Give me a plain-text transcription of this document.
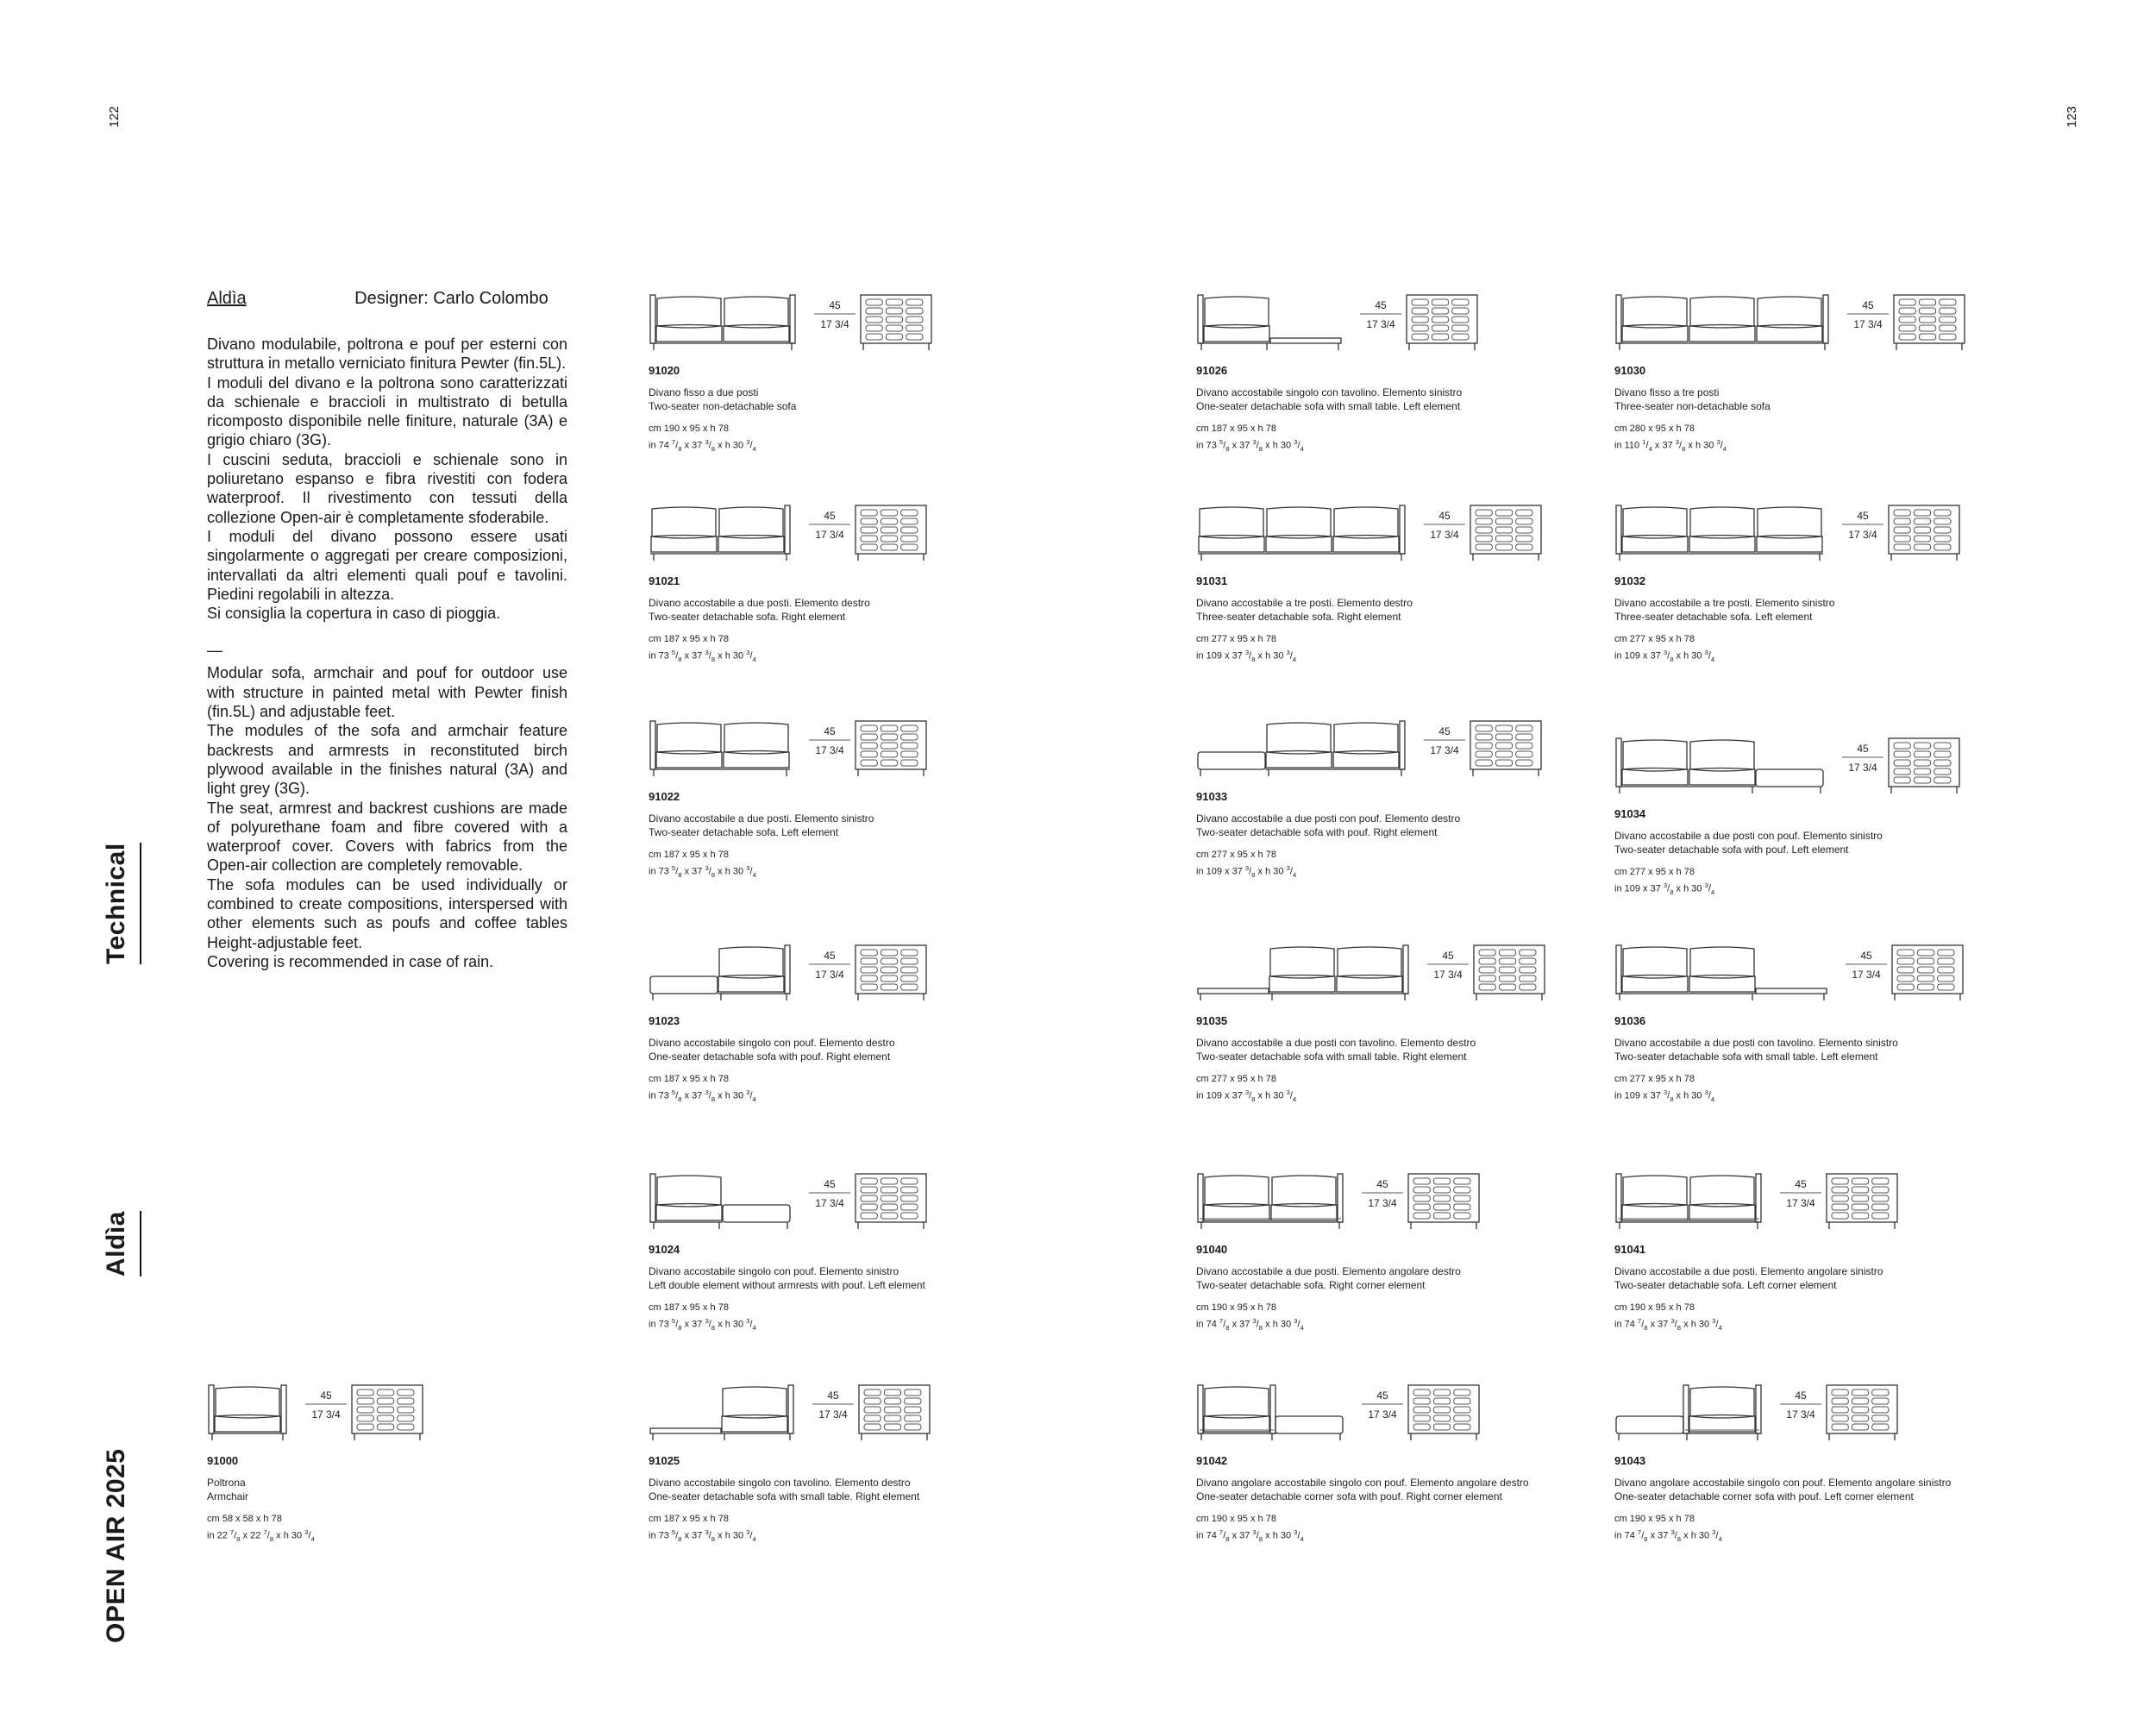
122	123
OPEN AIR 2025
Aldìa
Technical
Aldìa	Designer: Carlo Colombo

Divano modulabile, poltrona e pouf per esterni con struttura in metallo verniciato finitura Pewter (fin.5L).

I moduli del divano e la poltrona sono caratterizzati da schienale e braccioli in multistrato di betulla ricomposto disponibile nelle finiture, naturale (3A) e grigio chiaro (3G).

I cuscini seduta, braccioli e schienale sono in poliuretano espanso e fibra rivestiti con fodera waterproof. Il rivestimento con tessuti della collezione Open-air è completamente sfoderabile.

I moduli del divano possono essere usati singolarmente o aggregati per creare composizioni, intervallati da altri elementi quali pouf e tavolini. Piedini regolabili in altezza.

Si consiglia la copertura in caso di pioggia.

—

Modular sofa, armchair and pouf for outdoor use with structure in painted metal with Pewter finish (fin.5L) and adjustable feet.

The modules of the sofa and armchair feature backrests and armrests in reconstituted birch plywood available in the finishes natural (3A) and light grey (3G).

The seat, armrest and backrest cushions are made of polyurethane foam and fibre covered with a waterproof cover. Covers with fabrics from the Open-air collection are completely removable.

The sofa modules can be used individually or combined to create compositions, interspersed with other elements such as poufs and coffee tables Height-adjustable feet.

Covering is recommended in case of rain.

45
17 3/4
91020
Divano fisso a due posti
Two-seater non-detachable sofa
cm 190 x 95 x h 78
in 74 $^7/_8$ x 37 $^3/_8$ x h 30 $^3/_4$
45
17 3/4
91021
Divano accostabile a due posti. Elemento destro
Two-seater detachable sofa. Right element
cm 187 x 95 x h 78
in 73 $^5/_8$ x 37 $^3/_8$ x h 30 $^3/_4$
45
17 3/4
91022
Divano accostabile a due posti. Elemento sinistro
Two-seater detachable sofa. Left element
cm 187 x 95 x h 78
in 73 $^5/_8$ x 37 $^3/_8$ x h 30 $^3/_4$
45
17 3/4
91023
Divano accostabile singolo con pouf. Elemento destro
One-seater detachable sofa with pouf. Right element
cm 187 x 95 x h 78
in 73 $^5/_8$ x 37 $^3/_8$ x h 30 $^3/_4$
45
17 3/4
91024
Divano accostabile singolo con pouf. Elemento sinistro
Left double element without armrests with pouf. Left element
cm 187 x 95 x h 78
in 73 $^5/_8$ x 37 $^3/_8$ x h 30 $^3/_4$
45
17 3/4
91025
Divano accostabile singolo con tavolino. Elemento destro
One-seater detachable sofa with small table. Right element
cm 187 x 95 x h 78
in 73 $^5/_8$ x 37 $^3/_8$ x h 30 $^3/_4$
45
17 3/4
91026
Divano accostabile singolo con tavolino. Elemento sinistro
One-seater detachable sofa with small table. Left element
cm 187 x 95 x h 78
in 73 $^5/_8$ x 37 $^3/_8$ x h 30 $^3/_4$
45
17 3/4
91031
Divano accostabile a tre posti. Elemento destro
Three-seater detachable sofa. Right element
cm 277 x 95 x h 78
in 109 x 37 $^3/_8$ x h 30 $^3/_4$
45
17 3/4
91033
Divano accostabile a due posti con pouf. Elemento destro
Two-seater detachable sofa with pouf. Right element
cm 277 x 95 x h 78
in 109 x 37 $^3/_8$ x h 30 $^3/_4$
45
17 3/4
91035
Divano accostabile a due posti con tavolino. Elemento destro
Two-seater detachable sofa with small table. Right element
cm 277 x 95 x h 78
in 109 x 37 $^3/_8$ x h 30 $^3/_4$
45
17 3/4
91040
Divano accostabile a due posti. Elemento angolare destro
Two-seater detachable sofa. Right corner element
cm 190 x 95 x h 78
in 74 $^7/_8$ x 37 $^3/_8$ x h 30 $^3/_4$
45
17 3/4
91042
Divano angolare accostabile singolo con pouf. Elemento angolare destro
One-seater detachable corner sofa with pouf. Right corner element
cm 190 x 95 x h 78
in 74 $^7/_8$ x 37 $^3/_8$ x h 30 $^3/_4$
45
17 3/4
91030
Divano fisso a tre posti
Three-seater non-detachable sofa
cm 280 x 95 x h 78
in 110 $^1/_4$ x 37 $^3/_8$ x h 30 $^3/_4$
45
17 3/4
91032
Divano accostabile a tre posti. Elemento sinistro
Three-seater detachable sofa. Left element
cm 277 x 95 x h 78
in 109 x 37 $^3/_8$ x h 30 $^3/_4$
45
17 3/4
91034
Divano accostabile a due posti con pouf. Elemento sinistro
Two-seater detachable sofa with pouf. Left element
cm 277 x 95 x h 78
in 109 x 37 $^3/_8$ x h 30 $^3/_4$
45
17 3/4
91036
Divano accostabile a due posti con tavolino. Elemento sinistro
Two-seater detachable sofa with small table. Left element
cm 277 x 95 x h 78
in 109 x 37 $^3/_8$ x h 30 $^3/_4$
45
17 3/4
91041
Divano accostabile a due posti. Elemento angolare sinistro
Two-seater detachable sofa. Left corner element
cm 190 x 95 x h 78
in 74 $^7/_8$ x 37 $^3/_8$ x h 30 $^3/_4$
45
17 3/4
91043
Divano angolare accostabile singolo con pouf. Elemento angolare sinistro
One-seater detachable corner sofa with pouf. Left corner element
cm 190 x 95 x h 78
in 74 $^7/_8$ x 37 $^3/_8$ x h 30 $^3/_4$
45
17 3/4
91000
Poltrona
Armchair
cm 58 x 58 x h 78
in 22 $^7/_8$ x 22 $^7/_8$ x h 30 $^3/_4$
